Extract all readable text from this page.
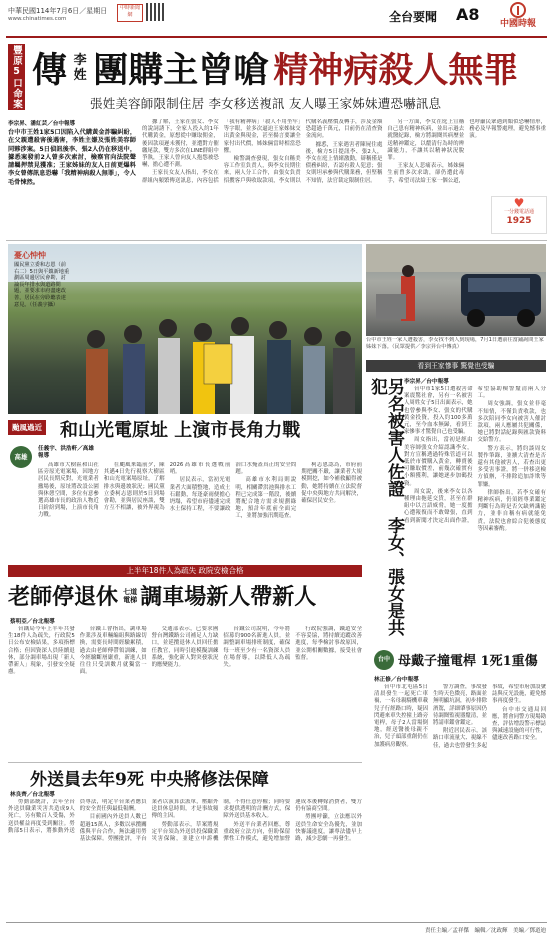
中華民國114年7月6日／星期日	中時新聞網
www.chinatimes.com	全台要聞 A8	中國時報
豐原5口命案 傳 李
姓 團購主曾嗆 精神病殺人無罪
張姓美容師限制住居 李女移送複訊 友人曝王家姊妹遭恐嚇訊息
李宗昇、潘紅芸／台中報導
台中市王姓1家5口因陷入代購黃金詐騙糾紛，在父親遭殺害後遇害，李姓主嫌及張姓美容師同夥涉案。5日偵訊後李、張2人仍在移送中，據悉案發前2人曾多次索討，檢察官向法院聲請羈押禁見獲准；王家姊妹的友人日前更爆料李女曾傳訊息恐嚇「我精神病殺人無罪」，令人毛骨悚然。

據了解，王家在張女、李女的說詞誘下，全家人投入約1年代購黃金，原想從中賺取佣金，後因款項遲未獲付，並遭對方催繳尾款，雙方多次在LINE群組中爭執，王家人曾向友人抱怨被恐嚇，擔心遭不測。

王家長女友人指出，李女在群組內頻繁傳送訊息，內容包括「我有精神病」「殺人不用坐牢」等字眼，並多次逼迫王家姊妹交出黃金與現金，甚至揚言要讓全家付出代價，姊妹倆當時相當恐懼。

檢警調查發現，張女自稱美容工作室負責人，與李女長期往來，兩人分工合作，由張女負責招攬客戶與收取款項，李女則以代購名義壓價及轉手，涉及金額恐超過千萬元，目前仍在清查資金流向。

據悉，王家遇害者陳屍住處後，檢方5日提訊李、張2人，李女在庭上情緒激動，辯稱僅是債務糾紛，否認有殺人犯意；張女則坦承參與代購業務，但堅稱不知情，法官裁定限制住居。

另一方面，李女在庭上宣稱自己患有精神疾病，並出示過去就醫紀錄，檢方將調閱其病歷並送精神鑑定，以釐清行為時的辨識能力，不讓其以精神狀況脫罪。

王家友人悲痛表示，姊妹倆生前曾多次求助，卻仍遭此毒手，希望司法給王家一個公道，也呼籲民眾遇到類似恐嚇情形，務必及早報警處理，避免憾事重演。

♥
一分錢電話通
1925
憂心忡忡
國民黨立委和志恩（前右二）5日與平鎮新地重劃區周邊居民會勘，討論長年排水與道路問題，並要求市府盡速改善，居民在旁聆聽表達意見。（任義宇攝）
台中市王姓一家人遭殺害，李女找不到人到現場，7月1日遭前往當鋪詢問王家姊妹下落。（民眾提供／李宗昇台中傳真）
看到王家慘事 驚覺也受騙
李宗昇／台中報導
另名被害人佐證 李女、張女是共犯	台中市1家5口遭殺害命案震驚社會，另有一名被害人周姓女子5日出面表示，她也曾參與李女、張女的代購黃金投資，投入約100多萬元，至今血本無歸，看到王家慘事才驚覺自己也受騙。

周女指出，當初是經由美容師張女介紹認識李女，對方宣稱透過特殊管道可以低於市價購入黃金，轉賣後可賺取價差，前幾次確實有小額獲利，讓她逐步加碼投資。

周女說，後來李女以各種理由拖延交貨，甚至在群組中以言語威脅，她一度擔心遭報復而不敢聲張，直到看到新聞才決定出面作證，希望協助檢警釐清兩人分工。

周女強調，張女並非毫不知情，不僅負責收款，也多次陪同李女向被害人催討款項，兩人應屬共犯關係，她已將對話紀錄與匯款資料交給警方。

警方表示，將約談周女製作筆錄，並擴大清查是否還有其他被害人，若查出更多受害事證，將一併移送檢方偵辦，不排除追加詐欺等罪嫌。

律師指出，若李女確有精神疾病，仍須經專業鑑定判斷行為時是否欠缺辨識能力，並非自稱有病就能免責，法院也會綜合犯後態度等因素審酌。

颱風過近 和山光電原址 上演市長角力戰
高雄
任義宇、洪浩軒／高雄報導

高雄市大樹區和山社區旁原光電案場，因地方居民長期反對，光電業者撤場後，原址將改設公園與休憩空間，多位有意參選高雄市長的政治人物近日紛紛到場，上演市長角力戰。

在颱風來臨前夕，陳其邁4日先行視察大樹區和山光電案場原址，了解排水與邊坡狀況；國民黨立委柯志恩則於5日到場會勘，並與居民座談，雙方互不相讓，被外界視為2026高雄市長選戰前哨。

居民表示，當初光電業者大面積整地，造成土石鬆動，每逢豪雨便擔心坍塌，希望市府儘速完成水土保持工程，不要讓政治口水掩蓋真正的安全問題。

高雄市水利局則說明，相關滯洪池與排水工程已完成第一階段，後續將配合地方需求規劃綠地，預計年底前全面完工，並將加強汛期巡查。

柯志恩認為，市府前期把關不嚴，讓業者大規模開挖，如今補救顯得被動，她將持續在立法院督促中央與地方共同解決，確保居民安全。

上半年18件人為疏失 政院安檢合格
老師停退休 七道
電梯 調車場新人帶新人
蔡明亞／台北報導

台鐵局今年上半年共發生18件人為疏失，行政院5日公布安檢結果，多項指標合格；但因資深人員陸續退休，部分調車場出現「新人帶新人」現象，引發安全疑慮。

台鐵工會指出，調車場作業涉及車輛編組與路線切換，需要長時間經驗累積，過去由老師傅帶領訓練，如今經驗斷層嚴重，新進人員往往只受訓數月就獨當一面。

交通部表示，已要求國營台灣鐵路公司補足人力缺口，並延攬退休人員回任擔任教官，同時引進模擬訓練系統，強化新人對突發狀況的應變能力。

台鐵公司說明，今年將招募約900名新進人員，並調整調車場排班制度，確保每一班至少有一名資深人員在場督導，以降低人為疏失。

行政院強調，鐵道安全不容妥協，將持續追蹤改善進度，每季檢討事故原因，並公開相關數據，接受社會監督。	台中 母戴子撞電桿 1死1重傷
林正修／台中報導

台中市北屯區5日清晨發生一起死亡車禍，一名母親騎機車載兒子行經路口時，疑因閃避來車失控撞上路旁電桿，母子2人當場倒地，經送醫後母親不治，兒子頭部重創仍在加護病房觀察。

警方調查，事故發生時天色微亮，路面並無明顯坑洞，初步排除酒駕，詳細肇事原因仍待調閱監視器釐清，並將請車鑑會鑑定。

附近居民表示，該路口車流量大、視線不佳，過去也曾發生多起事故，希望市府加設號誌與反光設施，避免憾事再度發生。

台中市交通局回應，將會同警方現場勘查，評估增設警示標誌與減速設施的可行性，儘速改善路口安全。

外送員去年9死 中央將修法保障
林良齊／台北報導

勞動部統計，去年全台外送員職業災害共造成9人死亡，另有數百人受傷，外送員權益再度受到關注。勞動部5日表示，將推動外送員專法，明定平台業者應負的安全責任與最低報酬。

目前國內外送員人數已超過15萬人，多數以承攬關係與平台合作，無法適用勞基法保障。勞團批評，平台業者以演算法派單，壓縮外送員休息時間，才是事故頻傳的主因。

勞動部表示，草案將規定平台須為外送員投保職業災害保險，並建立申訴機制，不得任意停權；同時要求提供透明的計酬方式，保障外送員基本收入。

外送平台業者回應，尊重政府立法方向，但盼保留彈性工作模式，避免增加營運成本後轉嫁消費者，雙方仍有協商空間。

勞團呼籲，立法應以外送員生命安全為優先，並加快審議進度，讓專法儘早上路，減少悲劇一再發生。

責任主編／孟祥傑　編輯／沈政輝　美編／鄧道迪
